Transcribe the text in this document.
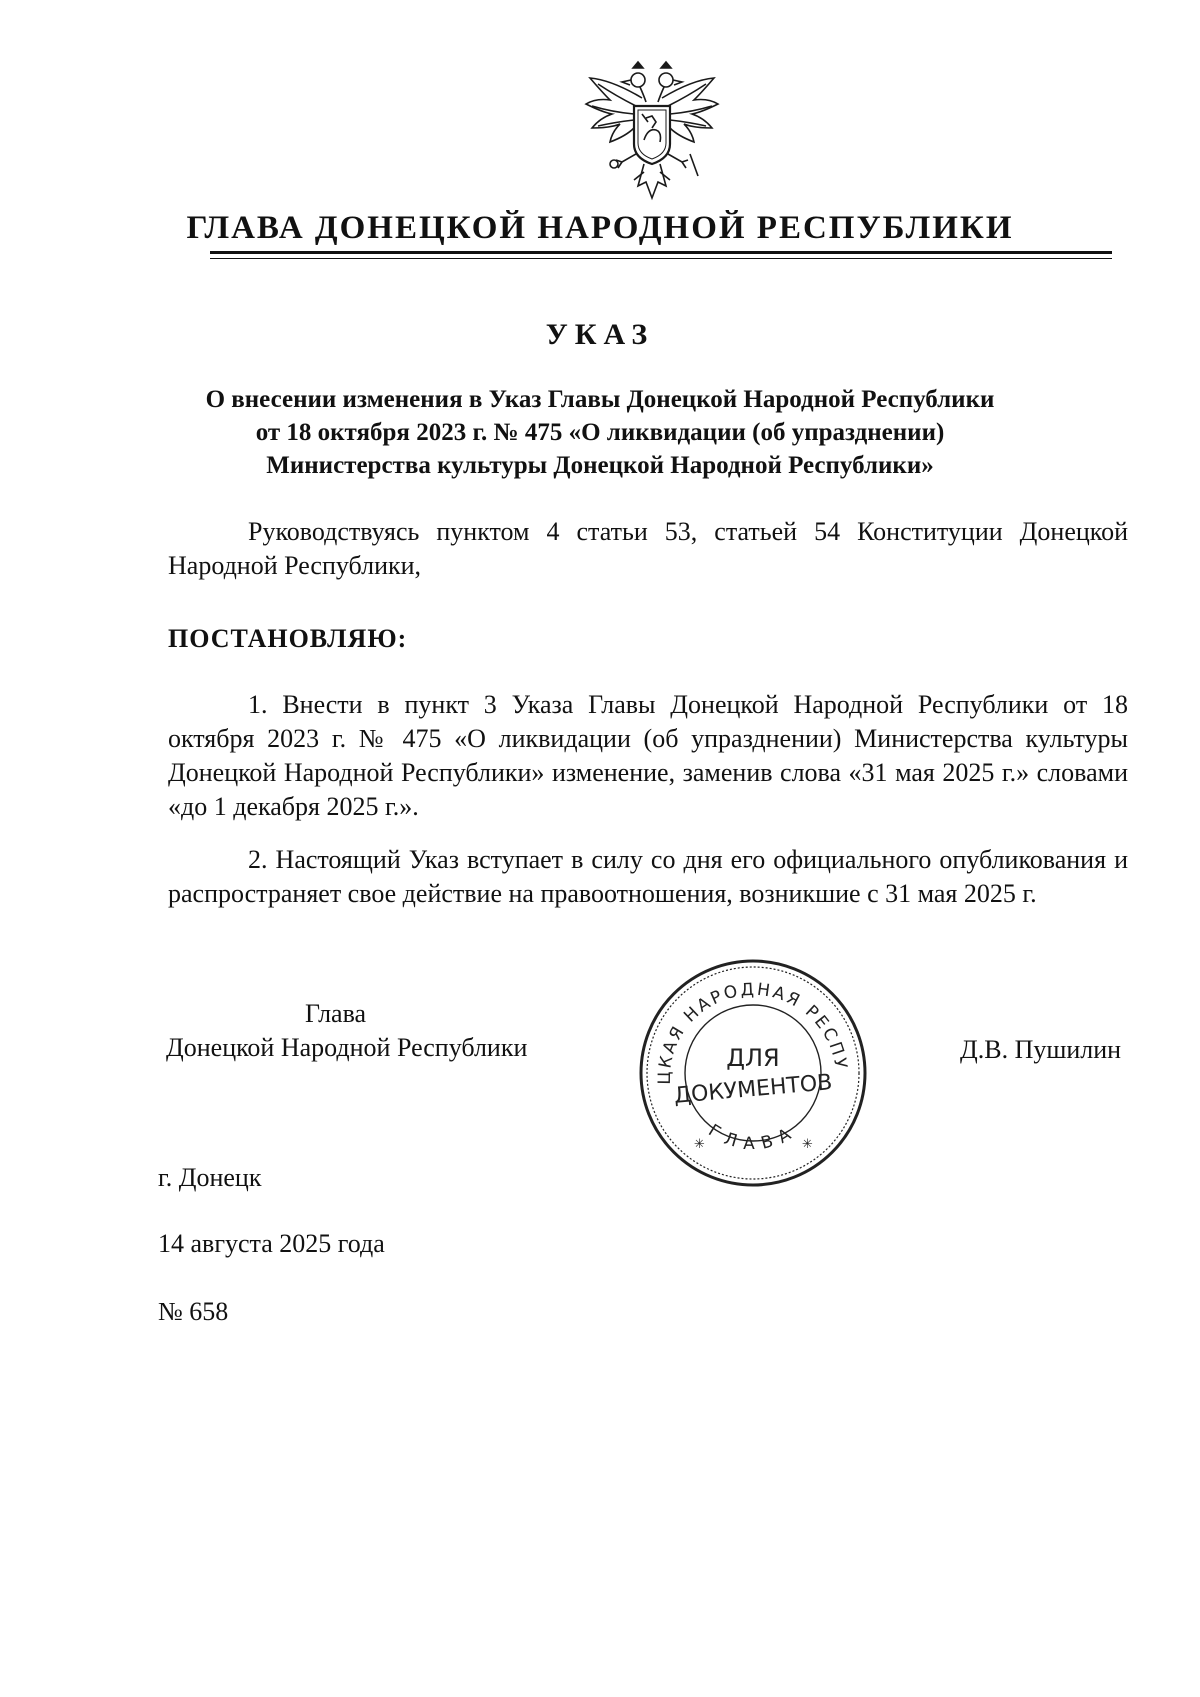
ГЛАВА ДОНЕЦКОЙ НАРОДНОЙ РЕСПУБЛИКИ
УКАЗ
О внесении изменения в Указ Главы Донецкой Народной Республики
от 18 октября 2023 г. № 475 «О ликвидации (об упразднении)
Министерства культуры Донецкой Народной Республики»
Руководствуясь пунктом 4 статьи 53, статьей 54 Конституции Донецкой Народной Республики,
ПОСТАНОВЛЯЮ:
1. Внести в пункт 3 Указа Главы Донецкой Народной Республики от 18 октября 2023 г. № 475 «О ликвидации (об упразднении) Министерства культуры Донецкой Народной Республики» изменение, заменив слова «31 мая 2025 г.» словами «до 1 декабря 2025 г.».
2. Настоящий Указ вступает в силу со дня его официального опубликования и распространяет свое действие на правоотношения, возникшие с 31 мая 2025 г.
Глава
Донецкой Народной Республики	Д.В. Пушилин
ЦКАЯ НАРОДНАЯ РЕСПУ
ГЛАВА
✳	✳
ДЛЯ
ДОКУМЕНТОВ
г. Донецк
14 августа 2025 года
№ 658
